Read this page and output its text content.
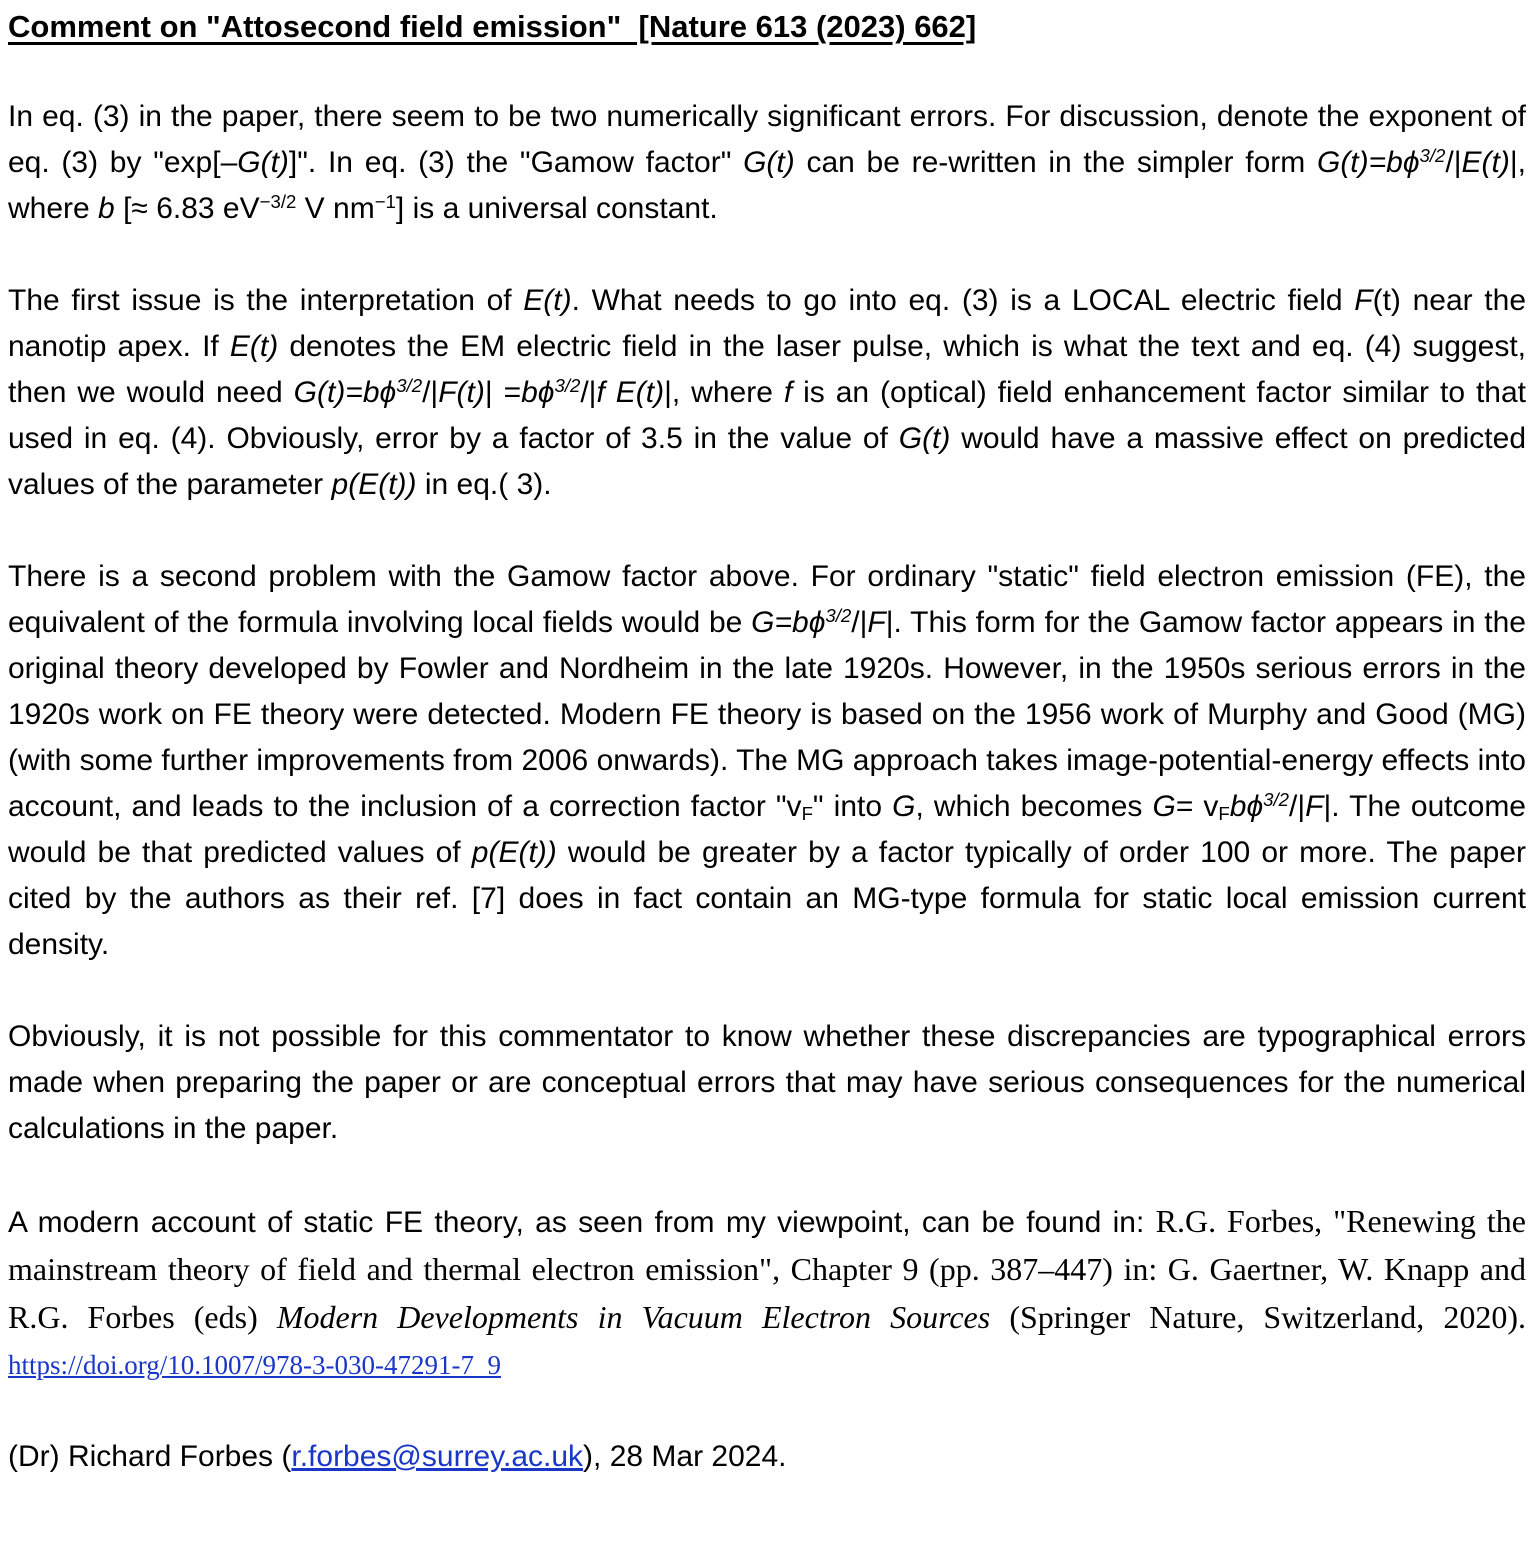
Comment on "Attosecond field emission"  [Nature 613 (2023) 662]

In eq. (3) in the paper, there seem to be two numerically significant errors. For discussion, denote the exponent of eq. (3) by "exp[–G(t)]". In eq. (3) the "Gamow factor" G(t) can be re-written in the simpler form $G(t)=b\phi^{3/2}/|E(t)|$, where b [≈ 6.83 $eV^{-3/2}$ V $nm^{-1}$] is a universal constant.

The first issue is the interpretation of E(t). What needs to go into eq. (3) is a LOCAL electric field F(t) near the nanotip apex. If E(t) denotes the EM electric field in the laser pulse, which is what the text and eq. (4) suggest, then we would need $G(t)=b\phi^{3/2}/|F(t)| =b\phi^{3/2}/|f$ E(t)|, where f is an (optical) field enhancement factor similar to that used in eq. (4). Obviously, error by a factor of 3.5 in the value of G(t) would have a massive effect on predicted values of the parameter p(E(t)) in eq.( 3).

There is a second problem with the Gamow factor above. For ordinary "static" field electron emission (FE), the equivalent of the formula involving local fields would be $G=b\phi^{3/2}/|F|$. This form for the Gamow factor appears in the original theory developed by Fowler and Nordheim in the late 1920s. However, in the 1950s serious errors in the 1920s work on FE theory were detected. Modern FE theory is based on the 1956 work of Murphy and Good (MG) (with some further improvements from 2006 onwards). The MG approach takes image-potential-energy effects into account, and leads to the inclusion of a correction factor "vF" into G, which becomes G= vFbϕ$^{3/2}$/|F|. The outcome would be that predicted values of p(E(t)) would be greater by a factor typically of order 100 or more. The paper cited by the authors as their ref. [7] does in fact contain an MG-type formula for static local emission current density.

Obviously, it is not possible for this commentator to know whether these discrepancies are typographical errors made when preparing the paper or are conceptual errors that may have serious consequences for the numerical calculations in the paper.

A modern account of static FE theory, as seen from my viewpoint, can be found in: R.G. Forbes, "Renewing the mainstream theory of field and thermal electron emission", Chapter 9 (pp. 387–447) in: G. Gaertner, W. Knapp and R.G. Forbes (eds) Modern Developments in Vacuum Electron Sources (Springer Nature, Switzerland, 2020). https://doi.org/10.1007/978-3-030-47291-7_9

(Dr) Richard Forbes (r.forbes@surrey.ac.uk), 28 Mar 2024.
